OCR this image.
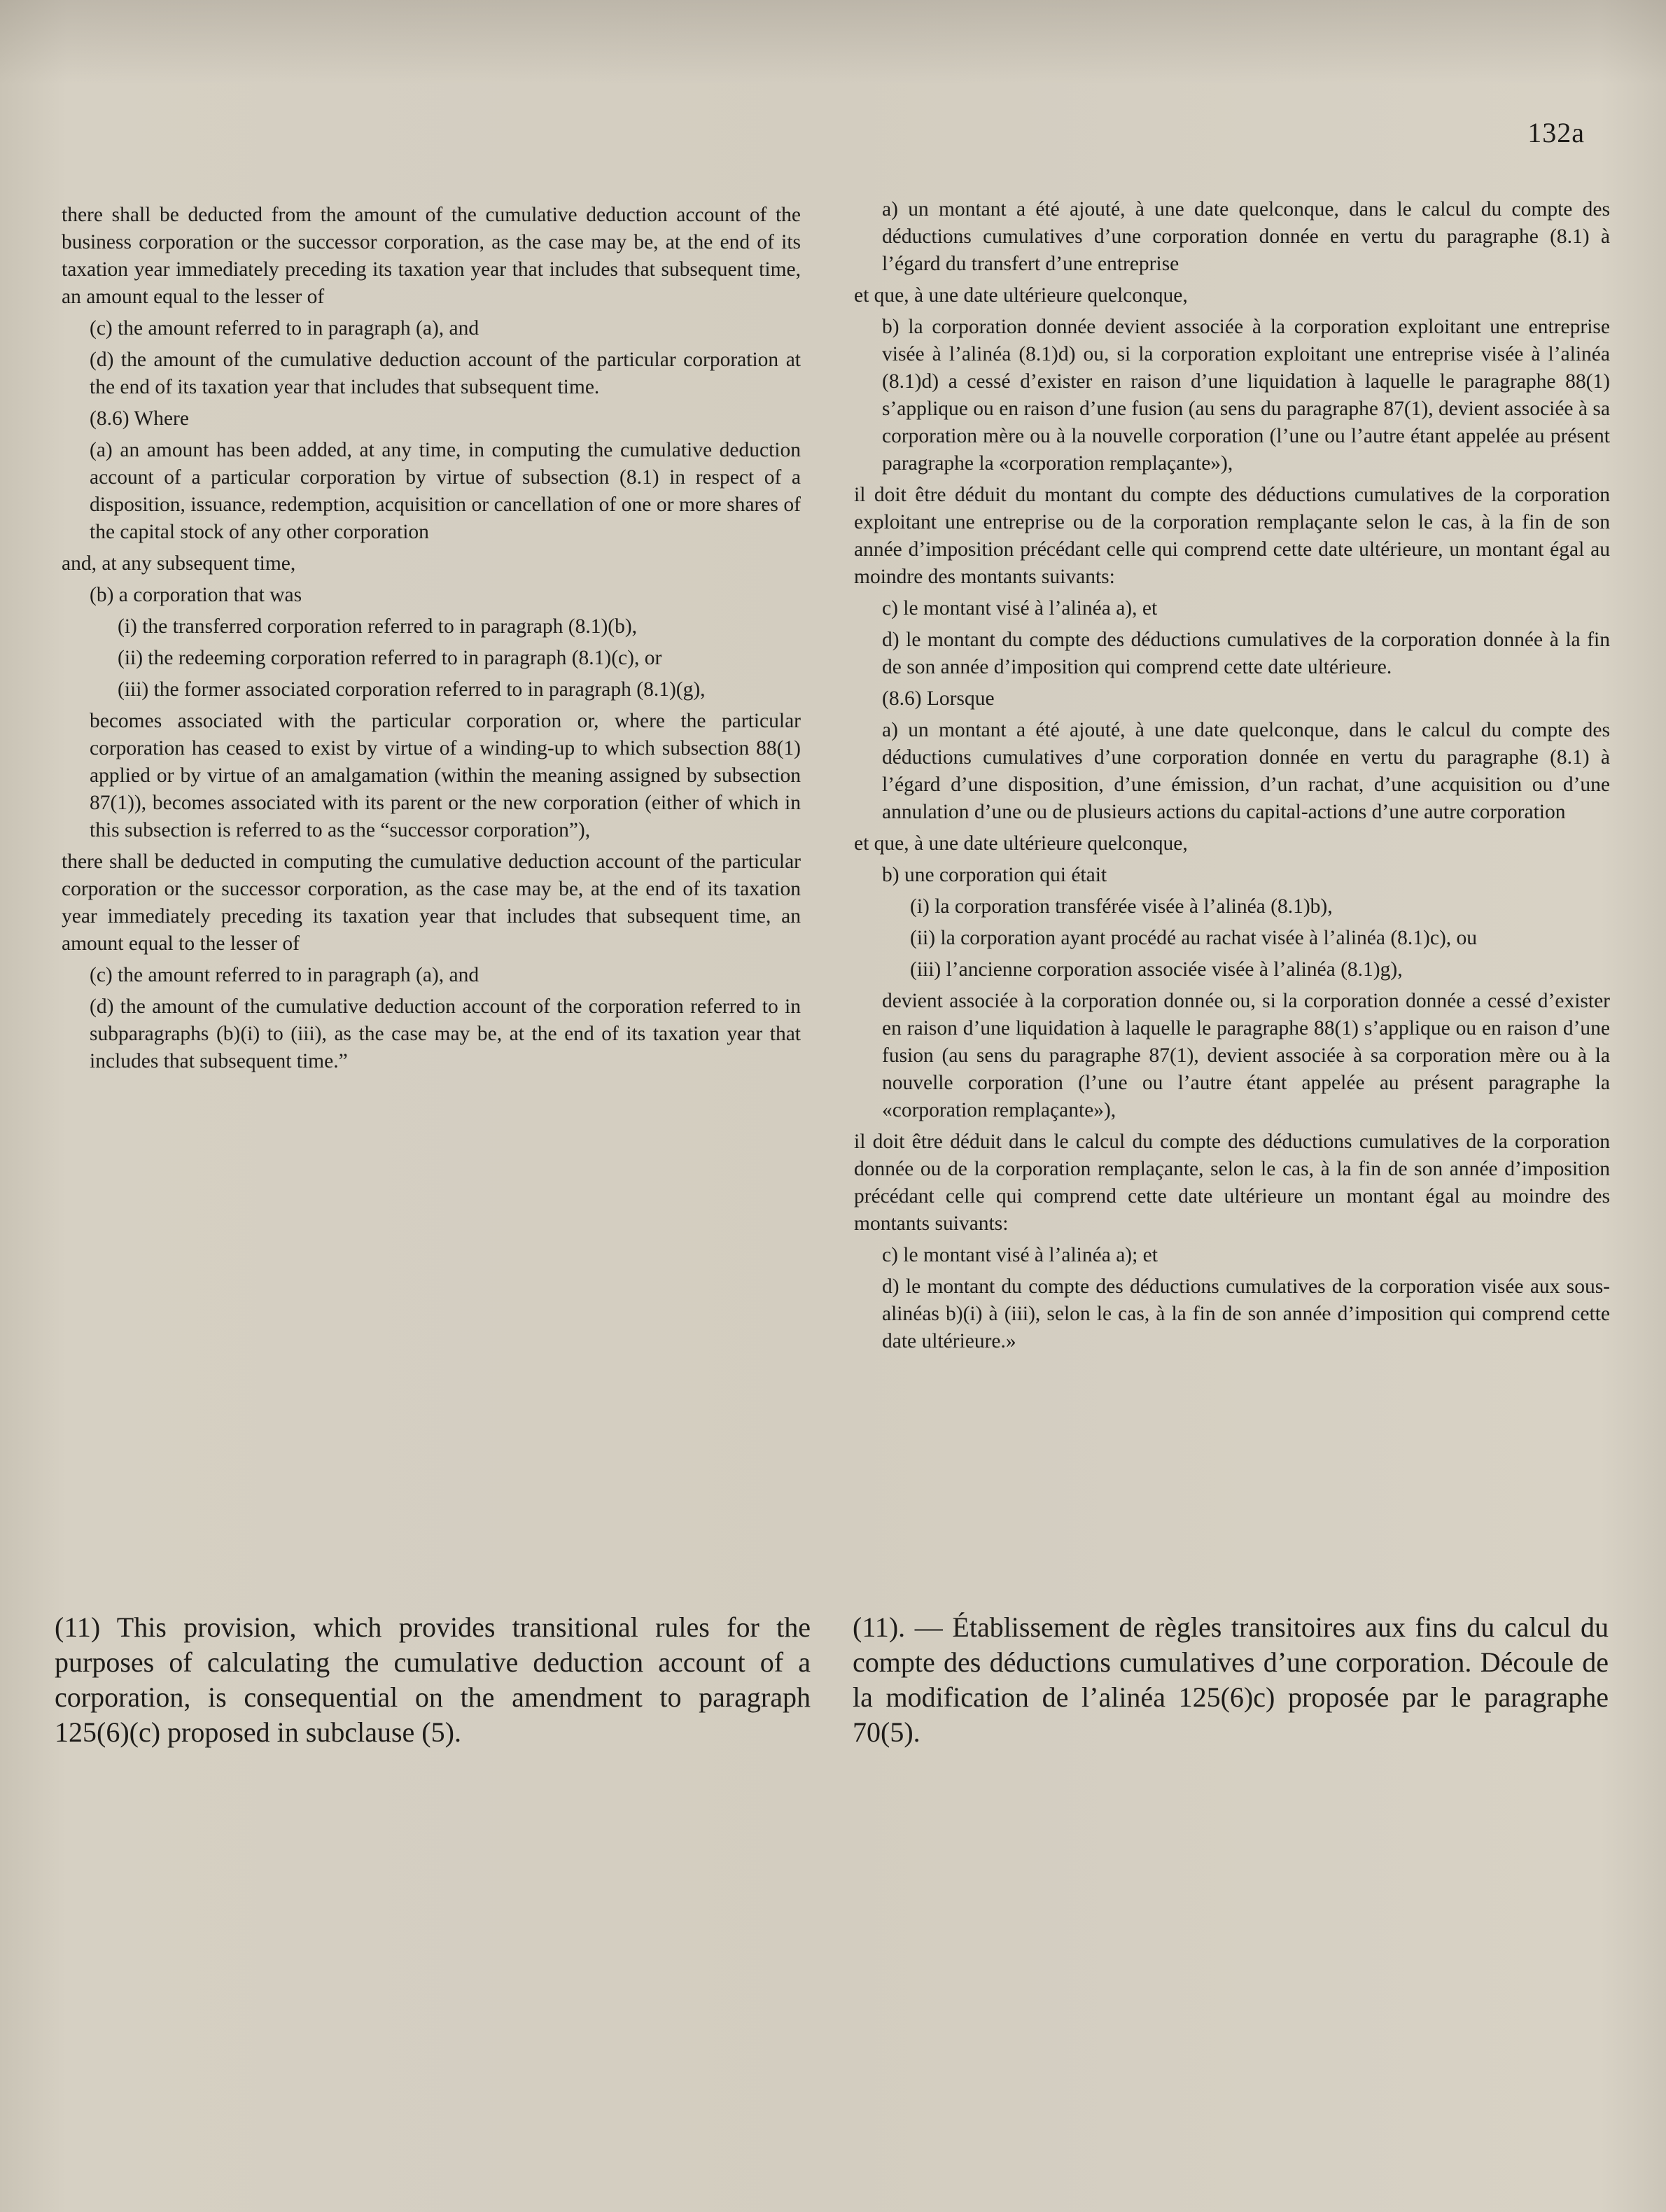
132a

there shall be deducted from the amount of the cumulative deduction account of the business corporation or the successor corporation, as the case may be, at the end of its taxation year immediately preceding its taxation year that includes that subsequent time, an amount equal to the lesser of

(c) the amount referred to in paragraph (a), and

(d) the amount of the cumulative deduction account of the particular corporation at the end of its taxation year that includes that subsequent time.

(8.6) Where

(a) an amount has been added, at any time, in computing the cumulative deduction account of a particular corporation by virtue of subsection (8.1) in respect of a disposition, issuance, redemption, acquisition or cancellation of one or more shares of the capital stock of any other corporation

and, at any subsequent time,

(b) a corporation that was

(i) the transferred corporation referred to in paragraph (8.1)(b),

(ii) the redeeming corporation referred to in paragraph (8.1)(c), or

(iii) the former associated corporation referred to in paragraph (8.1)(g),

becomes associated with the particular corporation or, where the particular corporation has ceased to exist by virtue of a winding-up to which subsection 88(1) applied or by virtue of an amalgamation (within the meaning assigned by subsection 87(1)), becomes associated with its parent or the new corporation (either of which in this subsection is referred to as the “successor corporation”),

there shall be deducted in computing the cumulative deduction account of the particular corporation or the successor corporation, as the case may be, at the end of its taxation year immediately preceding its taxation year that includes that subsequent time, an amount equal to the lesser of

(c) the amount referred to in paragraph (a), and

(d) the amount of the cumulative deduction account of the corporation referred to in subparagraphs (b)(i) to (iii), as the case may be, at the end of its taxation year that includes that subsequent time.”

a) un montant a été ajouté, à une date quelconque, dans le calcul du compte des déductions cumulatives d’une corporation donnée en vertu du paragraphe (8.1) à l’égard du transfert d’une entreprise

et que, à une date ultérieure quelconque,

b) la corporation donnée devient associée à la corporation exploitant une entreprise visée à l’alinéa (8.1)d) ou, si la corporation exploitant une entreprise visée à l’alinéa (8.1)d) a cessé d’exister en raison d’une liquidation à laquelle le paragraphe 88(1) s’applique ou en raison d’une fusion (au sens du paragraphe 87(1), devient associée à sa corporation mère ou à la nouvelle corporation (l’une ou l’autre étant appelée au présent paragraphe la «corporation remplaçante»),

il doit être déduit du montant du compte des déductions cumulatives de la corporation exploitant une entreprise ou de la corporation remplaçante selon le cas, à la fin de son année d’imposition précédant celle qui comprend cette date ultérieure, un montant égal au moindre des montants suivants:

c) le montant visé à l’alinéa a), et

d) le montant du compte des déductions cumulatives de la corporation donnée à la fin de son année d’imposition qui comprend cette date ultérieure.

(8.6) Lorsque

a) un montant a été ajouté, à une date quelconque, dans le calcul du compte des déductions cumulatives d’une corporation donnée en vertu du paragraphe (8.1) à l’égard d’une disposition, d’une émission, d’un rachat, d’une acquisition ou d’une annulation d’une ou de plusieurs actions du capital-actions d’une autre corporation

et que, à une date ultérieure quelconque,

b) une corporation qui était

(i) la corporation transférée visée à l’alinéa (8.1)b),

(ii) la corporation ayant procédé au rachat visée à l’alinéa (8.1)c), ou

(iii) l’ancienne corporation associée visée à l’alinéa (8.1)g),

devient associée à la corporation donnée ou, si la corporation donnée a cessé d’exister en raison d’une liquidation à laquelle le paragraphe 88(1) s’applique ou en raison d’une fusion (au sens du paragraphe 87(1), devient associée à sa corporation mère ou à la nouvelle corporation (l’une ou l’autre étant appelée au présent paragraphe la «corporation remplaçante»),

il doit être déduit dans le calcul du compte des déductions cumulatives de la corporation donnée ou de la corporation remplaçante, selon le cas, à la fin de son année d’imposition précédant celle qui comprend cette date ultérieure un montant égal au moindre des montants suivants:

c) le montant visé à l’alinéa a); et

d) le montant du compte des déductions cumulatives de la corporation visée aux sous-alinéas b)(i) à (iii), selon le cas, à la fin de son année d’imposition qui comprend cette date ultérieure.»

(11) This provision, which provides transitional rules for the purposes of calculating the cumulative deduction account of a corporation, is consequential on the amendment to paragraph 125(6)(c) proposed in subclause (5).
(11). — Établissement de règles transitoires aux fins du calcul du compte des déductions cumulatives d’une corporation. Découle de la modification de l’alinéa 125(6)c) proposée par le paragraphe 70(5).
